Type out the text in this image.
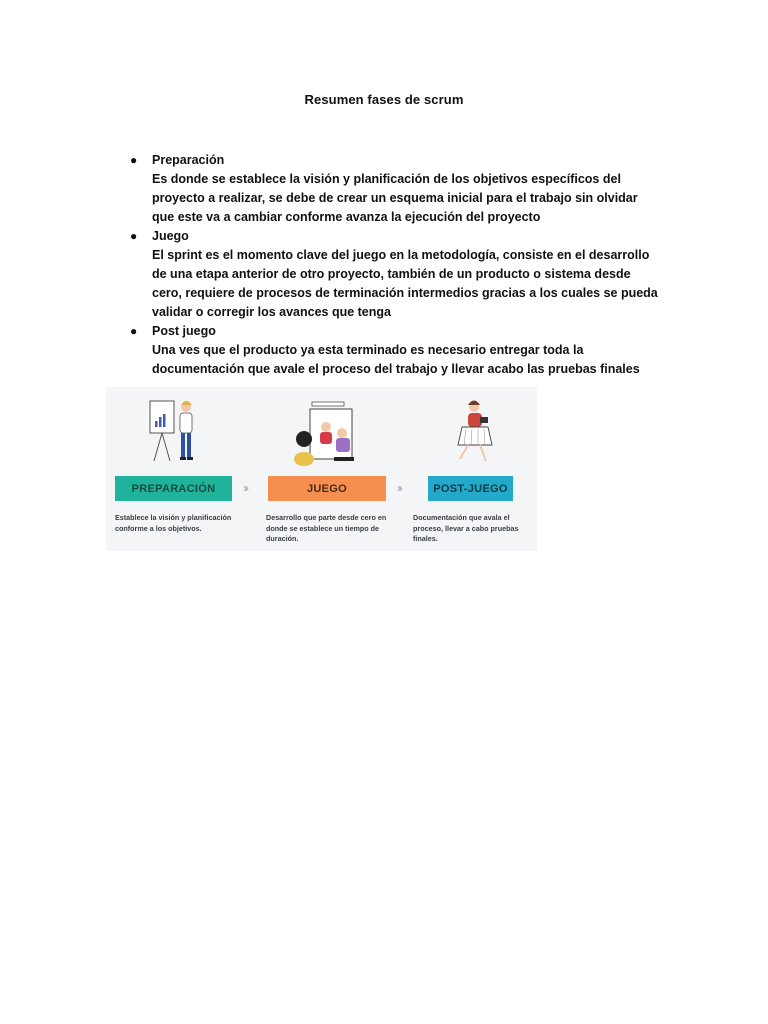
Resumen fases de scrum
● Preparación
Es donde se establece la visión y planificación de los objetivos específicos del proyecto a realizar, se debe de crear un esquema inicial para el trabajo sin olvidar que este va a cambiar conforme avanza la ejecución del proyecto
● Juego
El sprint es el momento clave del juego en la metodología, consiste en el desarrollo de una etapa anterior de otro proyecto, también de un producto o sistema desde cero, requiere de procesos de terminación intermedios gracias a los cuales se pueda validar o corregir los avances que tenga
● Post juego
Una ves que el producto ya esta terminado es necesario entregar toda la documentación que avale el proceso del trabajo y llevar acabo las pruebas finales
PREPARACIÓN	›››	JUEGO	›››	POST-JUEGO
Establece la visión y planificación conforme a los objetivos.
Desarrollo que parte desde cero en donde se establece un tiempo de duración.
Documentación que avala el proceso, llevar a cabo pruebas finales.
